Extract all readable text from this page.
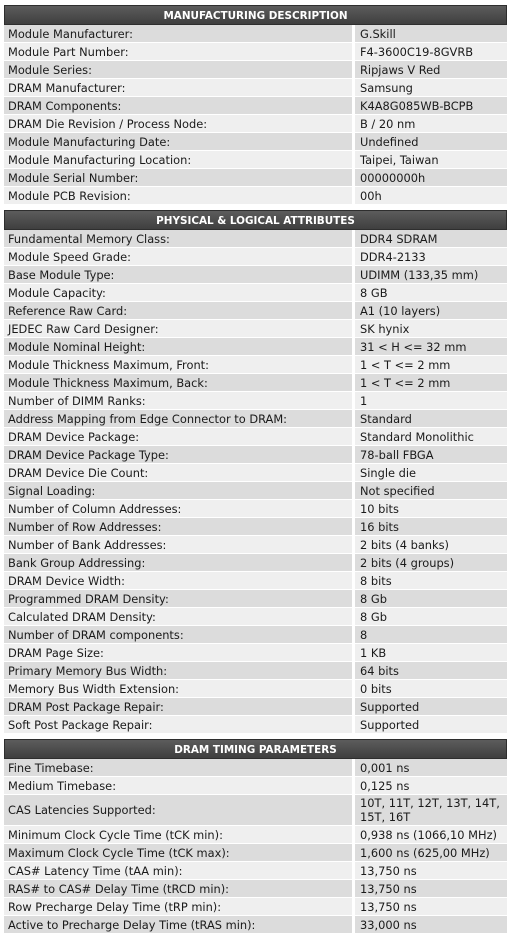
MANUFACTURING DESCRIPTION
Module Manufacturer:	G.Skill
Module Part Number:	F4-3600C19-8GVRB
Module Series:	Ripjaws V Red
DRAM Manufacturer:	Samsung
DRAM Components:	K4A8G085WB-BCPB
DRAM Die Revision / Process Node:	B / 20 nm
Module Manufacturing Date:	Undefined
Module Manufacturing Location:	Taipei, Taiwan
Module Serial Number:	00000000h
Module PCB Revision:	00h
PHYSICAL & LOGICAL ATTRIBUTES
Fundamental Memory Class:	DDR4 SDRAM
Module Speed Grade:	DDR4-2133
Base Module Type:	UDIMM (133,35 mm)
Module Capacity:	8 GB
Reference Raw Card:	A1 (10 layers)
JEDEC Raw Card Designer:	SK hynix
Module Nominal Height:	31 < H <= 32 mm
Module Thickness Maximum, Front:	1 < T <= 2 mm
Module Thickness Maximum, Back:	1 < T <= 2 mm
Number of DIMM Ranks:	1
Address Mapping from Edge Connector to DRAM:	Standard
DRAM Device Package:	Standard Monolithic
DRAM Device Package Type:	78-ball FBGA
DRAM Device Die Count:	Single die
Signal Loading:	Not specified
Number of Column Addresses:	10 bits
Number of Row Addresses:	16 bits
Number of Bank Addresses:	2 bits (4 banks)
Bank Group Addressing:	2 bits (4 groups)
DRAM Device Width:	8 bits
Programmed DRAM Density:	8 Gb
Calculated DRAM Density:	8 Gb
Number of DRAM components:	8
DRAM Page Size:	1 KB
Primary Memory Bus Width:	64 bits
Memory Bus Width Extension:	0 bits
DRAM Post Package Repair:	Supported
Soft Post Package Repair:	Supported
DRAM TIMING PARAMETERS
Fine Timebase:	0,001 ns
Medium Timebase:	0,125 ns
CAS Latencies Supported:	10T, 11T, 12T, 13T, 14T, 15T, 16T
Minimum Clock Cycle Time (tCK min):	0,938 ns (1066,10 MHz)
Maximum Clock Cycle Time (tCK max):	1,600 ns (625,00 MHz)
CAS# Latency Time (tAA min):	13,750 ns
RAS# to CAS# Delay Time (tRCD min):	13,750 ns
Row Precharge Delay Time (tRP min):	13,750 ns
Active to Precharge Delay Time (tRAS min):	33,000 ns
